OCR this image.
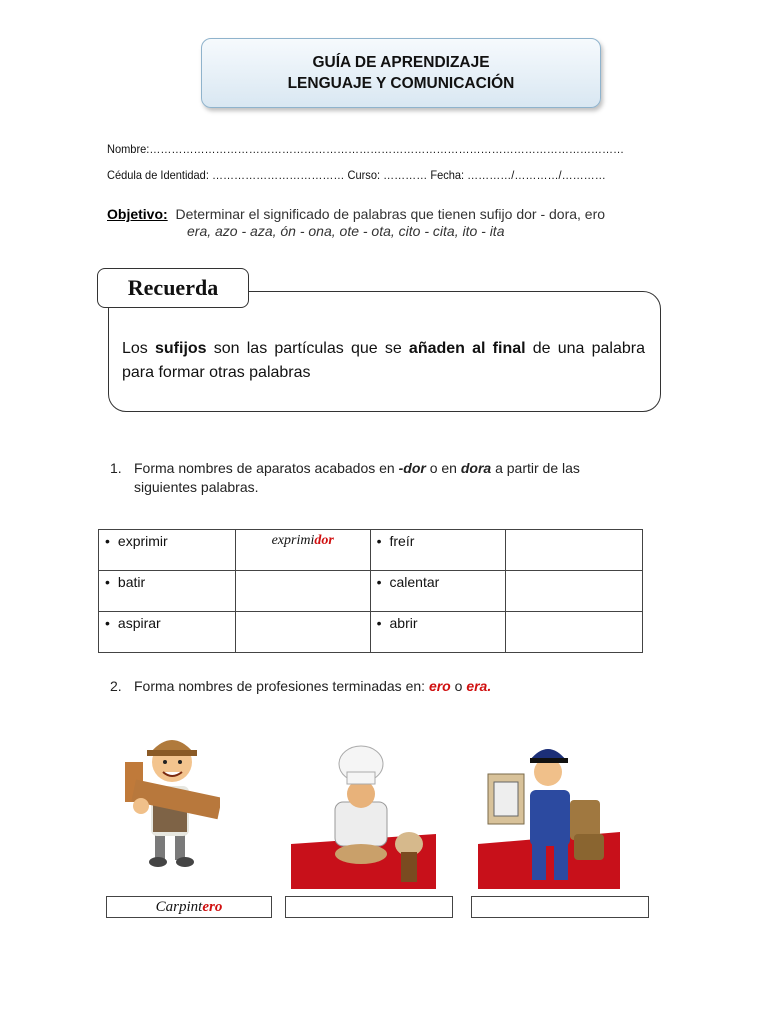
GUÍA DE APRENDIZAJE
LENGUAJE Y COMUNICACIÓN
Nombre:…………………………………………………………………………………………………………………
Cédula de Identidad: ……………………………… Curso: ………… Fecha: …………/…………/…………
Objetivo: Determinar el significado de palabras que tienen sufijo dor - dora, ero
era, azo - aza, ón - ona, ote - ota, cito - cita, ito - ita
Recuerda
Los sufijos son las partículas que se añaden al final de una palabra para formar otras palabras
1. Forma nombres de aparatos acabados en -dor o en dora a partir de las
siguientes palabras.
• exprimir	exprimidor	• freír	
• batir		• calentar	
• aspirar		• abrir	
2. Forma nombres de profesiones terminadas en: ero o era.
Carpintero
